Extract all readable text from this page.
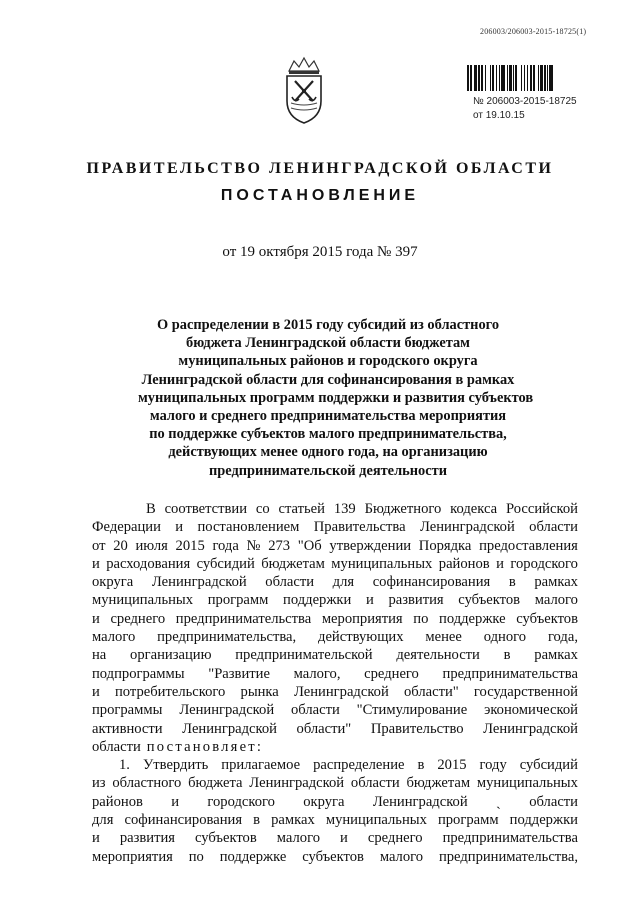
206003/206003-2015-18725(1)
№ 206003-2015-18725
от 19.10.15
ПРАВИТЕЛЬСТВО ЛЕНИНГРАДСКОЙ ОБЛАСТИ
ПОСТАНОВЛЕНИЕ
от 19 октября 2015 года № 397
О распределении в 2015 году субсидий из областного
бюджета Ленинградской области бюджетам
муниципальных районов и городского округа
Ленинградской области для софинансирования в рамках
муниципальных программ поддержки и развития субъектов
малого и среднего предпринимательства мероприятия
по поддержке субъектов малого предпринимательства,
действующих менее одного года, на организацию
предпринимательской деятельности
В соответствии со статьей 139 Бюджетного кодекса Российской
Федерации и постановлением Правительства Ленинградской области
от 20 июля 2015 года № 273 "Об утверждении Порядка предоставления
и расходования субсидий бюджетам муниципальных районов и городского
округа Ленинградской области для софинансирования в рамках
муниципальных программ поддержки и развития субъектов малого
и среднего предпринимательства мероприятия по поддержке субъектов
малого предпринимательства, действующих менее одного года,
на организацию предпринимательской деятельности в рамках
подпрограммы "Развитие малого, среднего предпринимательства
и потребительского рынка Ленинградской области" государственной
программы Ленинградской области "Стимулирование экономической
активности Ленинградской области" Правительство Ленинградской
области постановляет:
1. Утвердить прилагаемое распределение в 2015 году субсидий
из областного бюджета Ленинградской области бюджетам муниципальных
районов и городского округа Ленинградской ˏ области
для софинансирования в рамках муниципальных программ поддержки
и развития субъектов малого и среднего предпринимательства
мероприятия по поддержке субъектов малого предпринимательства,
